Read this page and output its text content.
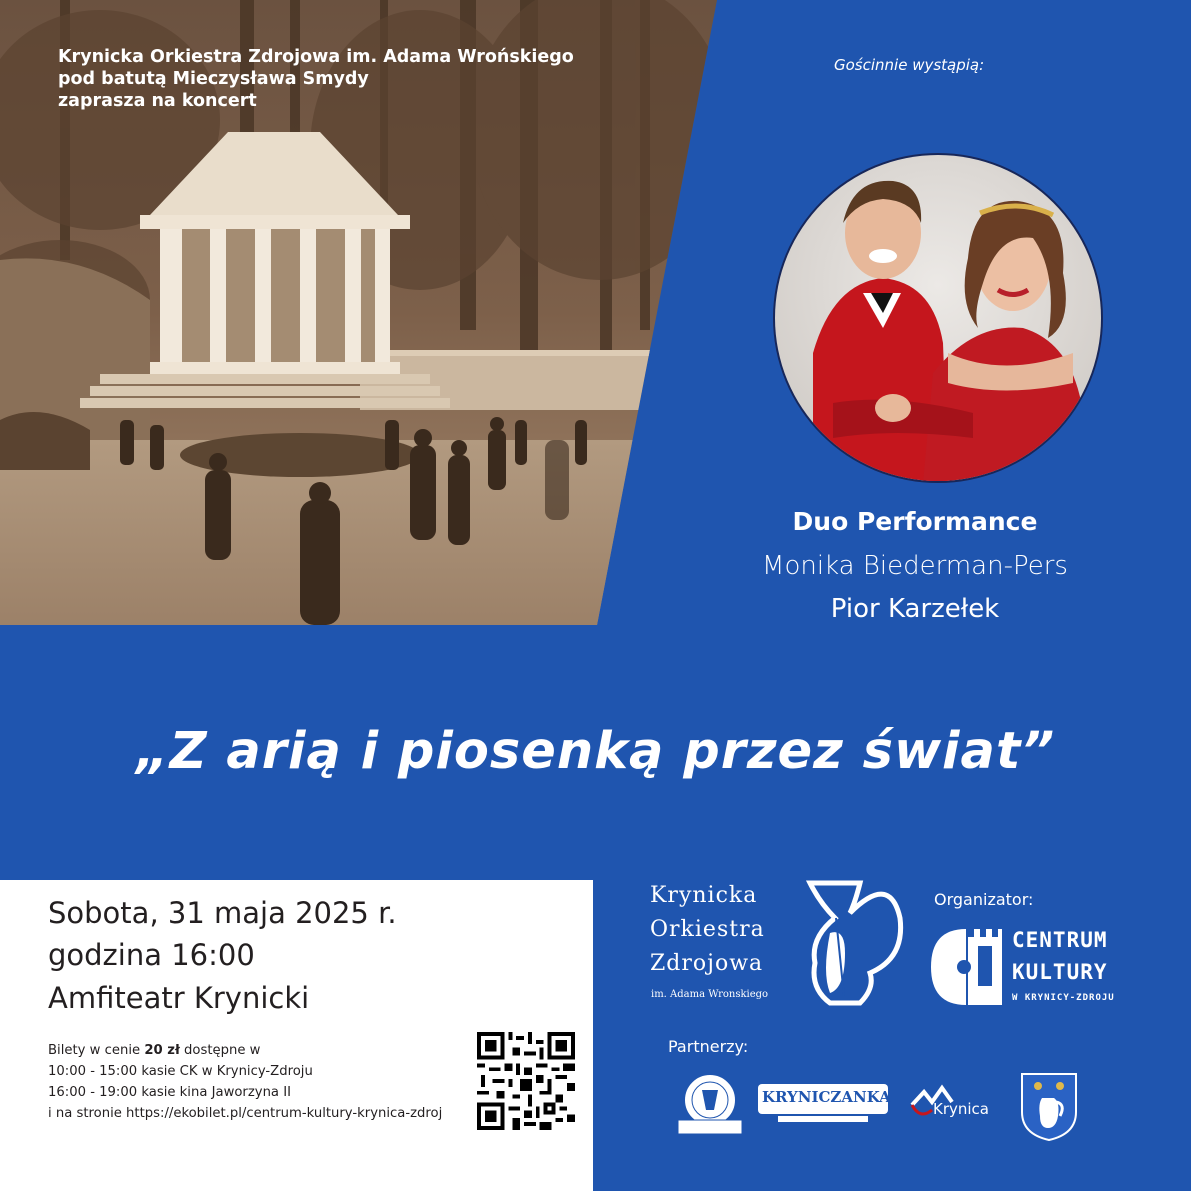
Krynicka Orkiestra Zdrojowa im. Adama Wrońskiego
pod batutą Mieczysława Smydy
zaprasza na koncert
Gościnnie wystąpią:
Duo Performance
Monika Biederman-Pers
Pior Karzełek
„Z arią i piosenką przez świat”
Sobota, 31 maja 2025 r.
godzina 16:00
Amfiteatr Krynicki
Bilety w cenie 20 zł dostępne w
10:00 - 15:00 kasie CK w Krynicy-Zdroju
16:00 - 19:00 kasie kina Jaworzyna II
i na stronie https://ekobilet.pl/centrum-kultury-krynica-zdroj
Krynicka
Orkiestra
Zdrojowa
im. Adama Wronskiego
Organizator:
CENTRUM
KULTURY
W KRYNICY-ZDROJU
Partnerzy:
KRYNICZANKA
Krynica
